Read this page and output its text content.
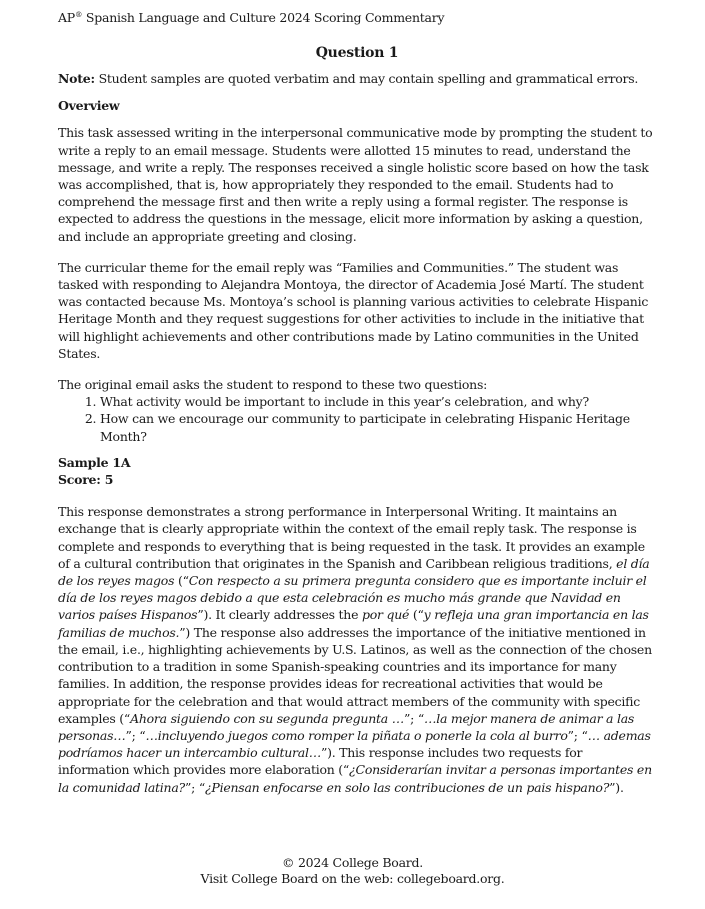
AP® Spanish Language and Culture 2024 Scoring Commentary
Question 1

Note: Student samples are quoted verbatim and may contain spelling and grammatical errors.

Overview

This task assessed writing in the interpersonal communicative mode by prompting the student to write a reply to an email message. Students were allotted 15 minutes to read, understand the message, and write a reply. The responses received a single holistic score based on how the task was accomplished, that is, how appropriately they responded to the email. Students had to comprehend the message first and then write a reply using a formal register. The response is expected to address the questions in the message, elicit more information by asking a question, and include an appropriate greeting and closing.

The curricular theme for the email reply was “Families and Communities.” The student was tasked with responding to Alejandra Montoya, the director of Academia José Martí. The student was contacted because Ms. Montoya’s school is planning various activities to celebrate Hispanic Heritage Month and they request suggestions for other activities to include in the initiative that will highlight achievements and other contributions made by Latino communities in the United States.

The original email asks the student to respond to these two questions:

1. What activity would be important to include in this year’s celebration, and why?
2. How can we encourage our community to participate in celebrating Hispanic Heritage Month?
Sample 1A
Score: 5

This response demonstrates a strong performance in Interpersonal Writing. It maintains an exchange that is clearly appropriate within the context of the email reply task. The response is complete and responds to everything that is being requested in the task. It provides an example of a cultural contribution that originates in the Spanish and Caribbean religious traditions, el día de los reyes magos (“Con respecto a su primera pregunta considero que es importante incluir el día de los reyes magos debido a que esta celebración es mucho más grande que Navidad en varios países Hispanos”). It clearly addresses the por qué (“y refleja una gran importancia en las familias de muchos.”) The response also addresses the importance of the initiative mentioned in the email, i.e., highlighting achievements by U.S. Latinos, as well as the connection of the chosen contribution to a tradition in some Spanish-speaking countries and its importance for many families. In addition, the response provides ideas for recreational activities that would be appropriate for the celebration and that would attract members of the community with specific examples (“Ahora siguiendo con su segunda pregunta …”; “…la mejor manera de animar a las personas…”; “…incluyendo juegos como romper la piñata o ponerle la cola al burro”; “… ademas podríamos hacer un intercambio cultural…”). This response includes two requests for information which provides more elaboration (“¿Considerarían invitar a personas importantes en la comunidad latina?”; “¿Piensan enfocarse en solo las contribuciones de un pais hispano?”).

© 2024 College Board.
Visit College Board on the web: collegeboard.org.
